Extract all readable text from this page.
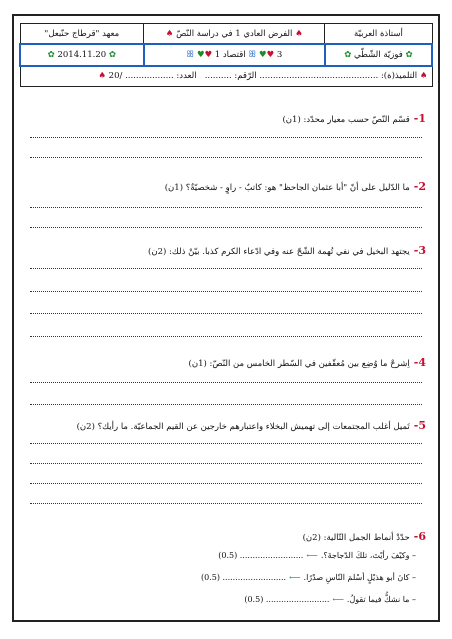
أستاذة العربيّة	♠ الفرض العادي 1 في دراسة النّصّ ♠	معهد "قرطاج حنّبعل"
✿ فوزيّة الشّطّي ✿	ꕥ ♥♥ 3 اقتصاد 1 ♥♥ ꕥ	✿ 2014.11.20 ✿
♠ التلميذ(ة): ............................................ الرّقم: ..........   العدد: .................. /20 ♠		
1-قسّم النّصّ حسب معيار محدّد: (1ن)
2-ما الدّليل على أنّ "أبا عثمان الجاحظ" هو: كاتبٌ - راوٍ - شخصيّةٌ؟ (1ن)
3-يجتهد البخيل في نفي تُهمة الشّحّ عنه وفي ادّعاء الكرم كذبا. بيّنْ ذلك: (2ن)
4-اِشرحْ ما وُضِع بين مُعقّفين في السّطر الخامس من النّصّ: (1ن)
5-تَميل أغلب المجتمعات إلى تهميش البخلاء واعتبارهم خارجين عن القيم الجماعيّة. ما رأيك؟ (2ن)
6-حدّدْ أنماط الجمل التّالية: (2ن)
– وكيْفَ رأيْتَ، تلكَ الدّجاجةَ؟.⟵......................... (0.5)
– كانَ أبو هذيْلٍ أسْلمَ النّاسِ صدْرًا.⟵......................... (0.5)
– ما نشكُّ فيما تقولُ.⟵......................... (0.5)
